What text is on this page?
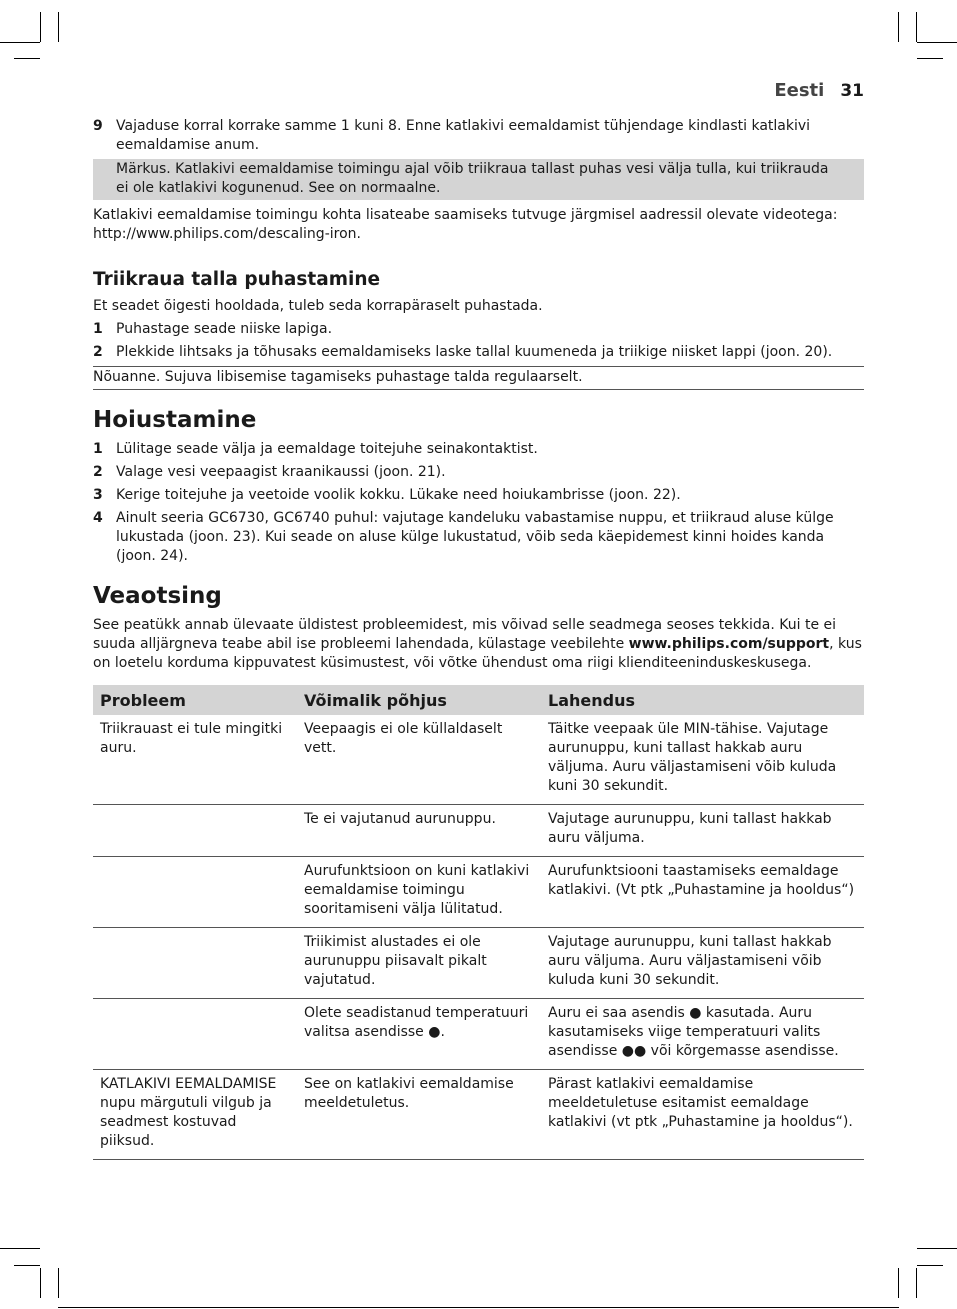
Eesti 31
9 Vajaduse korral korrake samme 1 kuni 8. Enne katlakivi eemaldamist tühjendage kindlasti katlakivi eemaldamise anum.
Märkus. Katlakivi eemaldamise toimingu ajal võib triikraua tallast puhas vesi välja tulla, kui triikrauda ei ole katlakivi kogunenud. See on normaalne.
Katlakivi eemaldamise toimingu kohta lisateabe saamiseks tutvuge järgmisel aadressil olevate videotega: http://www.philips.com/descaling-iron.
Triikraua talla puhastamine
Et seadet õigesti hooldada, tuleb seda korrapäraselt puhastada.
1 Puhastage seade niiske lapiga.
2 Plekkide lihtsaks ja tõhusaks eemaldamiseks laske tallal kuumeneda ja triikige niisket lappi (joon. 20).
Nõuanne. Sujuva libisemise tagamiseks puhastage talda regulaarselt.
Hoiustamine
1 Lülitage seade välja ja eemaldage toitejuhe seinakontaktist.
2 Valage vesi veepaagist kraanikaussi (joon. 21).
3 Kerige toitejuhe ja veetoide voolik kokku. Lükake need hoiukambrisse (joon. 22).
4 Ainult seeria GC6730, GC6740 puhul: vajutage kandeluku vabastamise nuppu, et triikraud aluse külge lukustada (joon. 23). Kui seade on aluse külge lukustatud, võib seda käepidemest kinni hoides kanda (joon. 24).
Veaotsing
See peatükk annab ülevaate üldistest probleemidest, mis võivad selle seadmega seoses tekkida. Kui te ei suuda alljärgneva teabe abil ise probleemi lahendada, külastage veebilehte www.philips.com/support, kus on loetelu korduma kippuvatest küsimustest, või võtke ühendust oma riigi klienditeeninduskeskusega.
Probleem	Võimalik põhjus	Lahendus
Triikrauast ei tule mingitki auru.	Veepaagis ei ole küllaldaselt vett.	Täitke veepaak üle MIN-tähise. Vajutage aurunuppu, kuni tallast hakkab auru väljuma. Auru väljastamiseni võib kuluda kuni 30 sekundit.
	Te ei vajutanud aurunuppu.	Vajutage aurunuppu, kuni tallast hakkab auru väljuma.
	Aurufunktsioon on kuni katlakivi eemaldamise toimingu sooritamiseni välja lülitatud.	Aurufunktsiooni taastamiseks eemaldage katlakivi. (Vt ptk „Puhastamine ja hooldus“)
	Triikimist alustades ei ole aurunuppu piisavalt pikalt vajutatud.	Vajutage aurunuppu, kuni tallast hakkab auru väljuma. Auru väljastamiseni võib kuluda kuni 30 sekundit.
	Olete seadistanud temperatuuri valitsa asendisse ●.	Auru ei saa asendis ● kasutada. Auru kasutamiseks viige temperatuuri valits asendisse ●● või kõrgemasse asendisse.
KATLAKIVI EEMALDAMISE nupu märgutuli vilgub ja seadmest kostuvad piiksud.	See on katlakivi eemaldamise meeldetuletus.	Pärast katlakivi eemaldamise meeldetuletuse esitamist eemaldage katlakivi (vt ptk „Puhastamine ja hooldus“).
